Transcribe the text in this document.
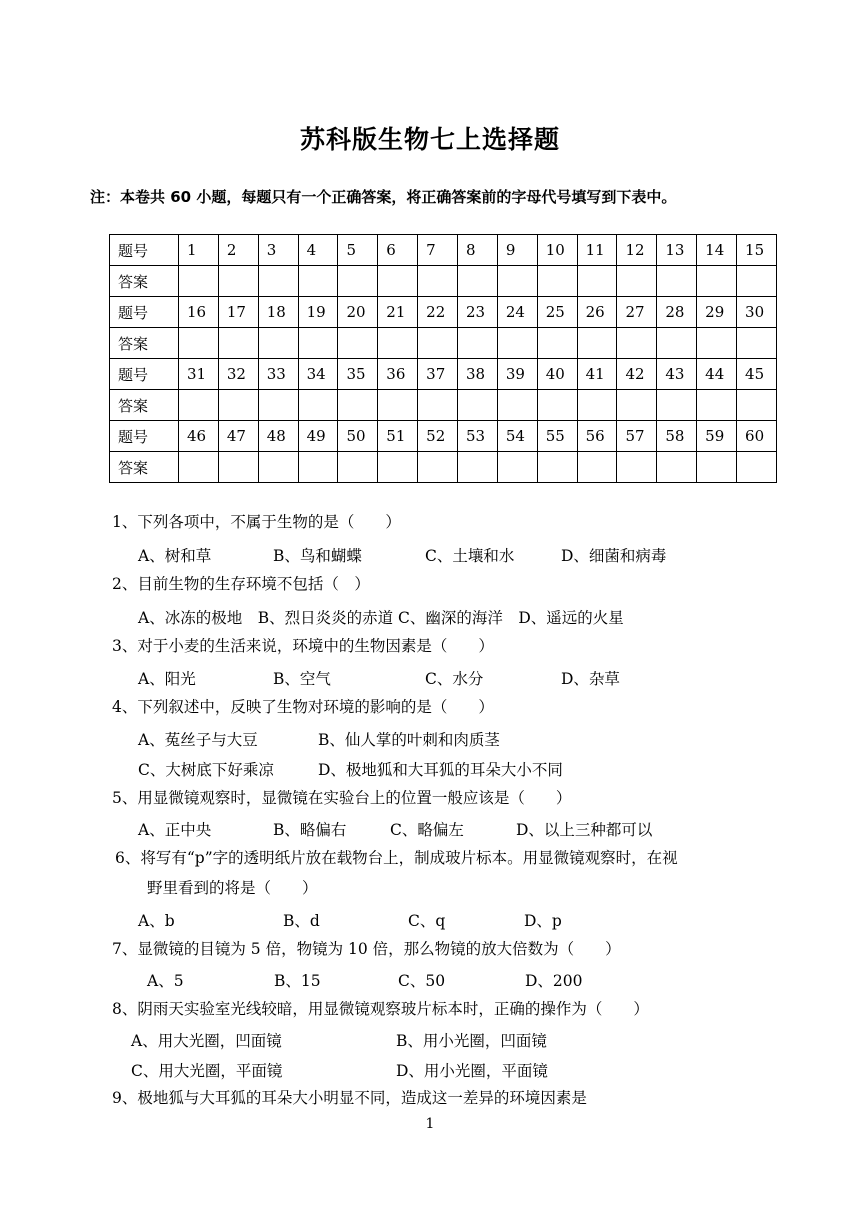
苏科版生物七上选择题
注：本卷共 60 小题，每题只有一个正确答案，将正确答案前的字母代号填写到下表中。
题号	1	2	3	4	5	6	7	8	9	10	11	12	13	14	15
答案															
题号	16	17	18	19	20	21	22	23	24	25	26	27	28	29	30
答案															
题号	31	32	33	34	35	36	37	38	39	40	41	42	43	44	45
答案															
题号	46	47	48	49	50	51	52	53	54	55	56	57	58	59	60
答案															
1、下列各项中，不属于生物的是（　　）
A、树和草	B、鸟和蝴蝶	C、土壤和水	D、细菌和病毒
2、目前生物的生存环境不包括（　）
A、冰冻的极地　B、烈日炎炎的赤道 C、幽深的海洋　D、遥远的火星
3、对于小麦的生活来说，环境中的生物因素是（　　）
A、阳光	B、空气	C、水分	D、杂草
4、下列叙述中，反映了生物对环境的影响的是（　　）
A、菟丝子与大豆	B、仙人掌的叶刺和肉质茎
C、大树底下好乘凉	D、极地狐和大耳狐的耳朵大小不同
5、用显微镜观察时，显微镜在实验台上的位置一般应该是（　　）
A、正中央	B、略偏右	C、略偏左	D、以上三种都可以
6、将写有“p”字的透明纸片放在载物台上，制成玻片标本。用显微镜观察时，在视
野里看到的将是（　　）
A、b	B、d	C、q	D、p
7、显微镜的目镜为 5 倍，物镜为 10 倍，那么物镜的放大倍数为（　　）
A、5	B、15	C、50	D、200
8、阴雨天实验室光线较暗，用显微镜观察玻片标本时，正确的操作为（　　）
A、用大光圈，凹面镜	B、用小光圈，凹面镜
C、用大光圈，平面镜	D、用小光圈，平面镜
9、极地狐与大耳狐的耳朵大小明显不同，造成这一差异的环境因素是
1
